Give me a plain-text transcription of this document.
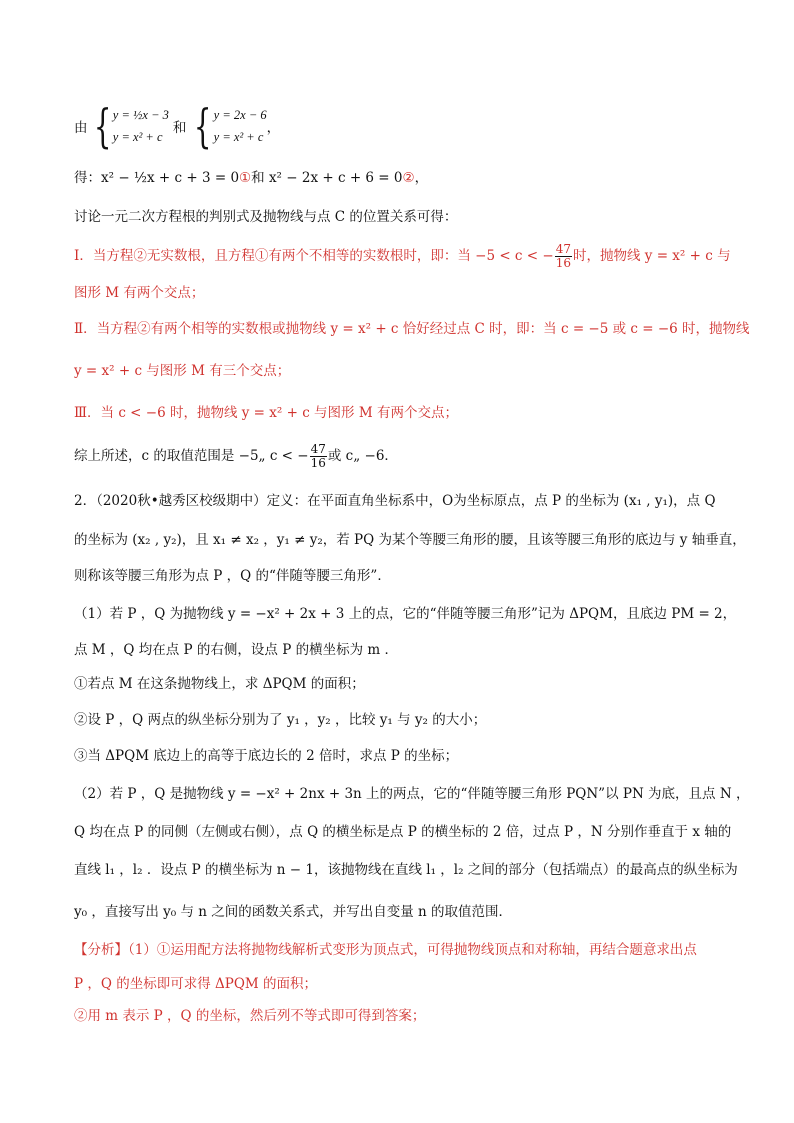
由 { y = ½x − 3
y = x² + c
和 { y = 2x − 6
y = x² + c
，
得：x² − ½x + c + 3 = 0①和 x² − 2x + c + 6 = 0②，
讨论一元二次方程根的判别式及抛物线与点 C 的位置关系可得：
Ⅰ．当方程②无实数根，且方程①有两个不相等的实数根时，即：当 −5 < c < − $\frac{47}{16}$ 时，抛物线 y = x² + c 与
图形 M 有两个交点；
Ⅱ．当方程②有两个相等的实数根或抛物线 y = x² + c 恰好经过点 C 时，即：当 c = −5 或 c = −6 时，抛物线
y = x² + c 与图形 M 有三个交点；
Ⅲ．当 c < −6 时，抛物线 y = x² + c 与图形 M 有两个交点；
综上所述，c 的取值范围是 −5„ c < − $\frac{47}{16}$ 或 c„ −6．
2．（2020秋•越秀区校级期中）定义：在平面直角坐标系中，O为坐标原点，点 P 的坐标为 (x₁ , y₁)，点 Q
的坐标为 (x₂ , y₂)，且 x₁ ≠ x₂ ，y₁ ≠ y₂，若 PQ 为某个等腰三角形的腰，且该等腰三角形的底边与 y 轴垂直，
则称该等腰三角形为点 P ，Q 的“伴随等腰三角形”．
（1）若 P ，Q 为抛物线 y = −x² + 2x + 3 上的点，它的“伴随等腰三角形”记为 ΔPQM，且底边 PM = 2，
点 M ，Q 均在点 P 的右侧，设点 P 的横坐标为 m ．
①若点 M 在这条抛物线上，求 ΔPQM 的面积；
②设 P ，Q 两点的纵坐标分别为了 y₁ ，y₂ ，比较 y₁ 与 y₂ 的大小；
③当 ΔPQM 底边上的高等于底边长的 2 倍时，求点 P 的坐标；
（2）若 P ，Q 是抛物线 y = −x² + 2nx + 3n 上的两点，它的“伴随等腰三角形 PQN”以 PN 为底，且点 N ，
Q 均在点 P 的同侧（左侧或右侧），点 Q 的横坐标是点 P 的横坐标的 2 倍，过点 P ，N 分别作垂直于 x 轴的
直线 l₁ ，l₂ ．设点 P 的横坐标为 n − 1，该抛物线在直线 l₁ ，l₂ 之间的部分（包括端点）的最高点的纵坐标为
y₀ ，直接写出 y₀ 与 n 之间的函数关系式，并写出自变量 n 的取值范围．
【分析】（1）①运用配方法将抛物线解析式变形为顶点式，可得抛物线顶点和对称轴，再结合题意求出点
P ，Q 的坐标即可求得 ΔPQM 的面积；
②用 m 表示 P ，Q 的坐标，然后列不等式即可得到答案；
